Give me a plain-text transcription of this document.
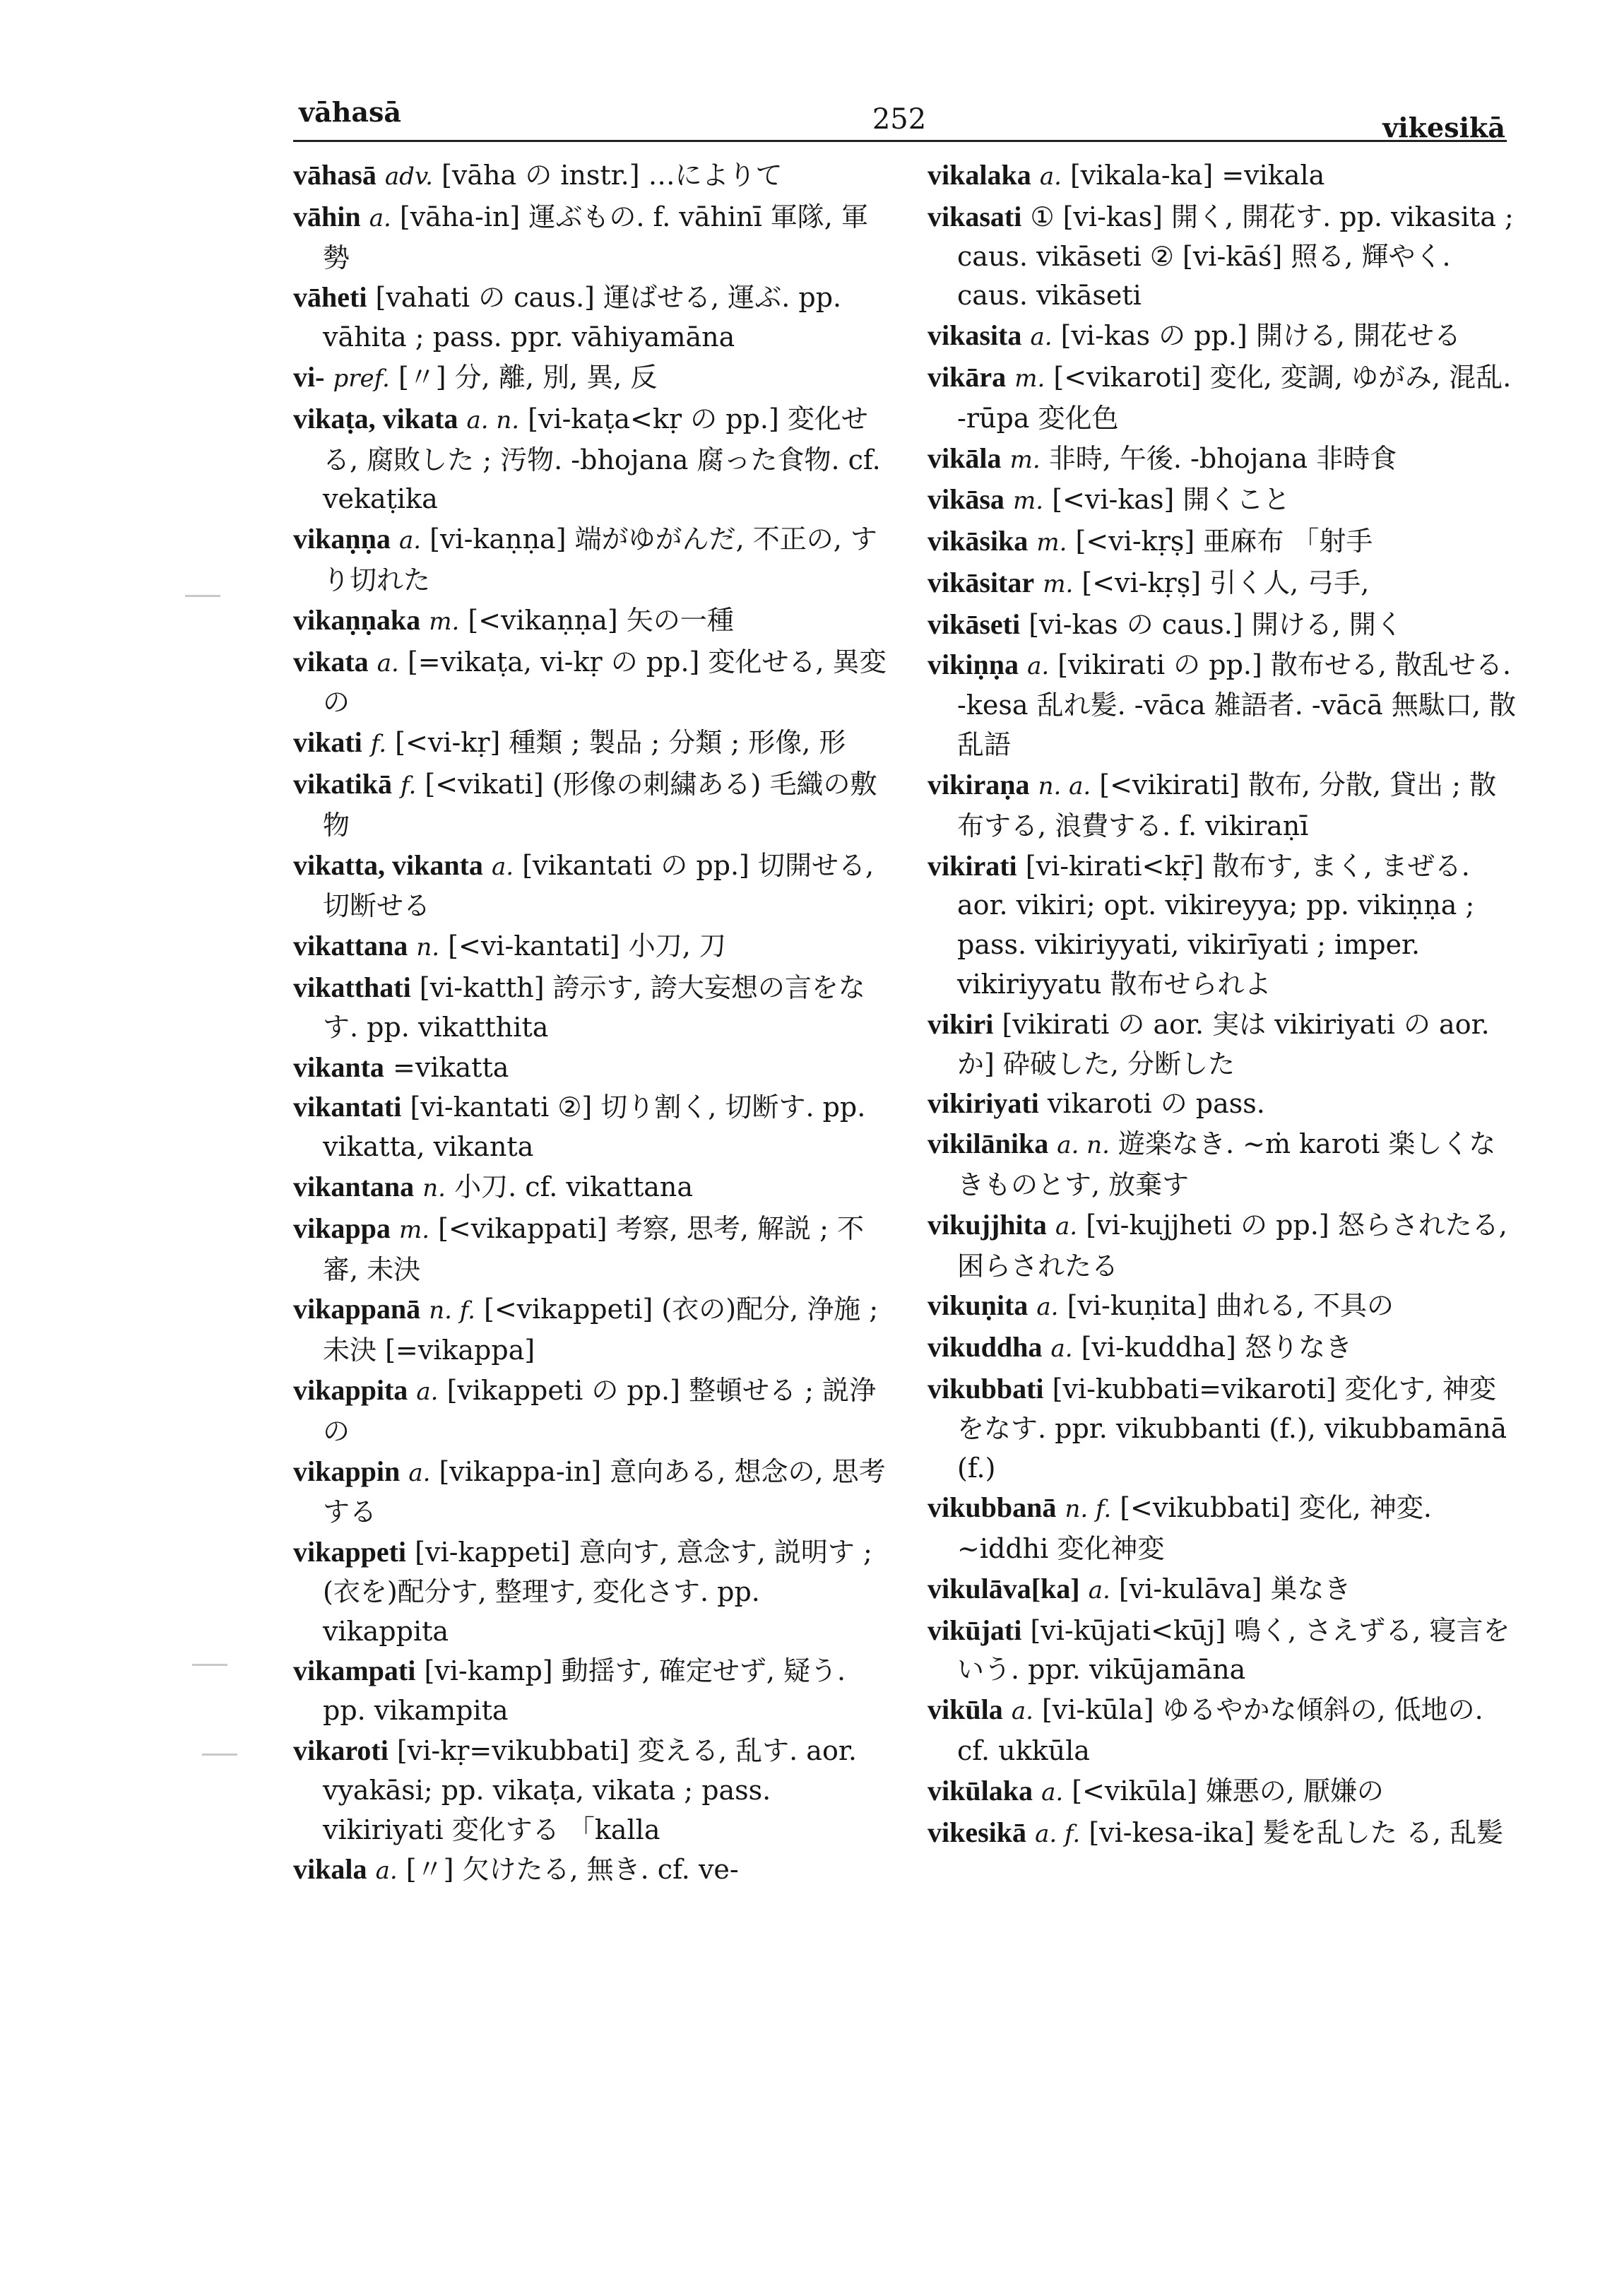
vāhasā	252	vikesikā

vāhasā adv. [vāha の instr.] …によりて

vāhin a. [vāha-in] 運ぶもの. f. vāhinī 軍隊, 軍勢

vāheti [vahati の caus.] 運ばせる, 運ぶ. pp. vāhita ; pass. ppr. vāhiyamāna

vi- pref. [〃] 分, 離, 別, 異, 反

vikaṭa, vikata a. n. [vi-kaṭa<kṛ の pp.] 変化せる, 腐敗した ; 汚物. -bhojana 腐った食物. cf. vekaṭika

vikaṇṇa a. [vi-kaṇṇa] 端がゆがんだ, 不正の, すり切れた

vikaṇṇaka m. [<vikaṇṇa] 矢の一種

vikata a. [=vikaṭa, vi-kṛ の pp.] 変化せる, 異変の

vikati f. [<vi-kṛ] 種類 ; 製品 ; 分類 ; 形像, 形

vikatikā f. [<vikati] (形像の刺繍ある) 毛織の敷物

vikatta, vikanta a. [vikantati の pp.] 切開せる, 切断せる

vikattana n. [<vi-kantati] 小刀, 刀

vikatthati [vi-katth] 誇示す, 誇大妄想の言をなす. pp. vikatthita

vikanta =vikatta

vikantati [vi-kantati ②] 切り割く, 切断す. pp. vikatta, vikanta

vikantana n. 小刀. cf. vikattana

vikappa m. [<vikappati] 考察, 思考, 解説 ; 不審, 未決

vikappanā n. f. [<vikappeti] (衣の)配分, 浄施 ; 未決 [=vikappa]

vikappita a. [vikappeti の pp.] 整頓せる ; 説浄の

vikappin a. [vikappa-in] 意向ある, 想念の, 思考する

vikappeti [vi-kappeti] 意向す, 意念す, 説明す ; (衣を)配分す, 整理す, 変化さす. pp. vikappita

vikampati [vi-kamp] 動揺す, 確定せず, 疑う. pp. vikampita

vikaroti [vi-kṛ=vikubbati] 変える, 乱す. aor. vyakāsi; pp. vikaṭa, vikata ; pass. vikiriyati 変化する 「kalla

vikala a. [〃] 欠けたる, 無き. cf. ve-

vikalaka a. [vikala-ka] =vikala

vikasati ① [vi-kas] 開く, 開花す. pp. vikasita ; caus. vikāseti ② [vi-kāś] 照る, 輝やく. caus. vikāseti

vikasita a. [vi-kas の pp.] 開ける, 開花せる

vikāra m. [<vikaroti] 変化, 変調, ゆがみ, 混乱. -rūpa 変化色

vikāla m. 非時, 午後. -bhojana 非時食

vikāsa m. [<vi-kas] 開くこと

vikāsika m. [<vi-kṛṣ] 亜麻布 「射手

vikāsitar m. [<vi-kṛṣ] 引く人, 弓手,

vikāseti [vi-kas の caus.] 開ける, 開く

vikiṇṇa a. [vikirati の pp.] 散布せる, 散乱せる. -kesa 乱れ髪. -vāca 雑語者. -vācā 無駄口, 散乱語

vikiraṇa n. a. [<vikirati] 散布, 分散, 貸出 ; 散布する, 浪費する. f. vikiraṇī

vikirati [vi-kirati<kṝ] 散布す, まく, まぜる. aor. vikiri; opt. vikireyya; pp. vikiṇṇa ; pass. vikiriyyati, vikirīyati ; imper. vikiriyyatu 散布せられよ

vikiri [vikirati の aor. 実は vikiriyati の aor. か] 砕破した, 分断した

vikiriyati vikaroti の pass.

vikilānika a. n. 遊楽なき. ~ṁ karoti 楽しくなきものとす, 放棄す

vikujjhita a. [vi-kujjheti の pp.] 怒らされたる, 困らされたる

vikuṇita a. [vi-kuṇita] 曲れる, 不具の

vikuddha a. [vi-kuddha] 怒りなき

vikubbati [vi-kubbati=vikaroti] 変化す, 神変をなす. ppr. vikubbanti (f.), vikubbamānā (f.)

vikubbanā n. f. [<vikubbati] 変化, 神変. ~iddhi 変化神変

vikulāva[ka] a. [vi-kulāva] 巣なき

vikūjati [vi-kūjati<kūj] 鳴く, さえずる, 寝言をいう. ppr. vikūjamāna

vikūla a. [vi-kūla] ゆるやかな傾斜の, 低地の. cf. ukkūla

vikūlaka a. [<vikūla] 嫌悪の, 厭嫌の

vikesikā a. f. [vi-kesa-ika] 髪を乱した る, 乱髪
